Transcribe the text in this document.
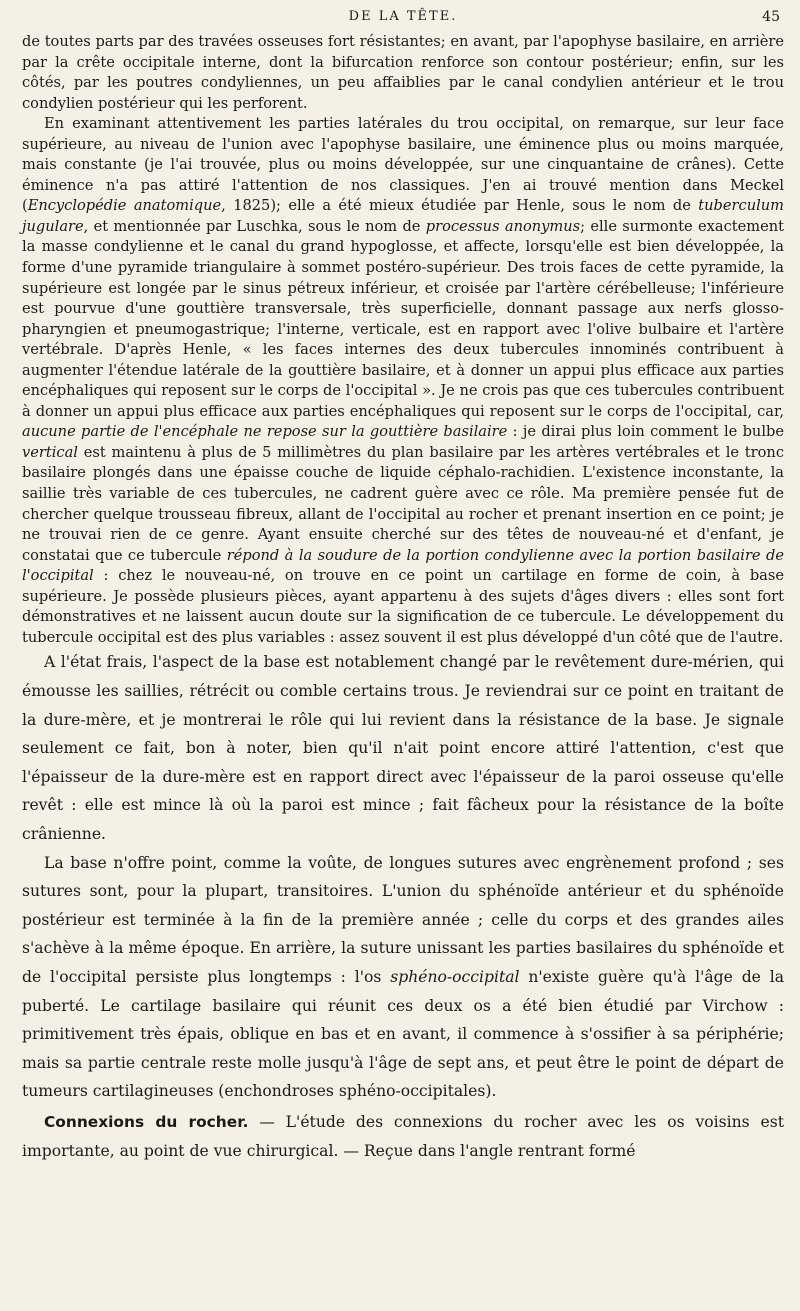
DE LA TÊTE.	45

de toutes parts par des travées osseuses fort résistantes; en avant, par l'apophyse basilaire, en arrière par la crête occipitale interne, dont la bifurcation renforce son contour postérieur; enfin, sur les côtés, par les poutres condyliennes, un peu affaiblies par le canal condylien antérieur et le trou condylien postérieur qui les perforent.

En examinant attentivement les parties latérales du trou occipital, on remarque, sur leur face supérieure, au niveau de l'union avec l'apophyse basilaire, une éminence plus ou moins marquée, mais constante (je l'ai trouvée, plus ou moins développée, sur une cinquantaine de crânes). Cette éminence n'a pas attiré l'attention de nos classiques. J'en ai trouvé mention dans Meckel (Encyclopédie anatomique, 1825); elle a été mieux étudiée par Henle, sous le nom de tuberculum jugulare, et mentionnée par Luschka, sous le nom de processus anonymus; elle surmonte exactement la masse condylienne et le canal du grand hypoglosse, et affecte, lorsqu'elle est bien développée, la forme d'une pyramide triangulaire à sommet postéro-supérieur. Des trois faces de cette pyramide, la supérieure est longée par le sinus pétreux inférieur, et croisée par l'artère cérébelleuse; l'inférieure est pourvue d'une gouttière transversale, très superficielle, donnant passage aux nerfs glosso-pharyngien et pneumogastrique; l'interne, verticale, est en rapport avec l'olive bulbaire et l'artère vertébrale. D'après Henle, « les faces internes des deux tubercules innominés contribuent à augmenter l'étendue latérale de la gouttière basilaire, et à donner un appui plus efficace aux parties encéphaliques qui reposent sur le corps de l'occipital ». Je ne crois pas que ces tubercules contribuent à donner un appui plus efficace aux parties encéphaliques qui reposent sur le corps de l'occipital, car, aucune partie de l'encéphale ne repose sur la gouttière basilaire : je dirai plus loin comment le bulbe vertical est maintenu à plus de 5 millimètres du plan basilaire par les artères vertébrales et le tronc basilaire plongés dans une épaisse couche de liquide céphalo-rachidien. L'existence inconstante, la saillie très variable de ces tubercules, ne cadrent guère avec ce rôle. Ma première pensée fut de chercher quelque trousseau fibreux, allant de l'occipital au rocher et prenant insertion en ce point; je ne trouvai rien de ce genre. Ayant ensuite cherché sur des têtes de nouveau-né et d'enfant, je constatai que ce tubercule répond à la soudure de la portion condylienne avec la portion basilaire de l'occipital : chez le nouveau-né, on trouve en ce point un cartilage en forme de coin, à base supérieure. Je possède plusieurs pièces, ayant appartenu à des sujets d'âges divers : elles sont fort démonstratives et ne laissent aucun doute sur la signification de ce tubercule. Le développement du tubercule occipital est des plus variables : assez souvent il est plus développé d'un côté que de l'autre.

A l'état frais, l'aspect de la base est notablement changé par le revêtement dure-mérien, qui émousse les saillies, rétrécit ou comble certains trous. Je reviendrai sur ce point en traitant de la dure-mère, et je montrerai le rôle qui lui revient dans la résistance de la base. Je signale seulement ce fait, bon à noter, bien qu'il n'ait point encore attiré l'attention, c'est que l'épaisseur de la dure-mère est en rapport direct avec l'épaisseur de la paroi osseuse qu'elle revêt : elle est mince là où la paroi est mince ; fait fâcheux pour la résistance de la boîte crânienne.

La base n'offre point, comme la voûte, de longues sutures avec engrènement profond ; ses sutures sont, pour la plupart, transitoires. L'union du sphénoïde antérieur et du sphénoïde postérieur est terminée à la fin de la première année ; celle du corps et des grandes ailes s'achève à la même époque. En arrière, la suture unissant les parties basilaires du sphénoïde et de l'occipital persiste plus longtemps : l'os sphéno-occipital n'existe guère qu'à l'âge de la puberté. Le cartilage basilaire qui réunit ces deux os a été bien étudié par Virchow : primitivement très épais, oblique en bas et en avant, il commence à s'ossifier à sa périphérie; mais sa partie centrale reste molle jusqu'à l'âge de sept ans, et peut être le point de départ de tumeurs cartilagineuses (enchondroses sphéno-occipitales).

Connexions du rocher. — L'étude des connexions du rocher avec les os voisins est importante, au point de vue chirurgical. — Reçue dans l'angle rentrant formé
